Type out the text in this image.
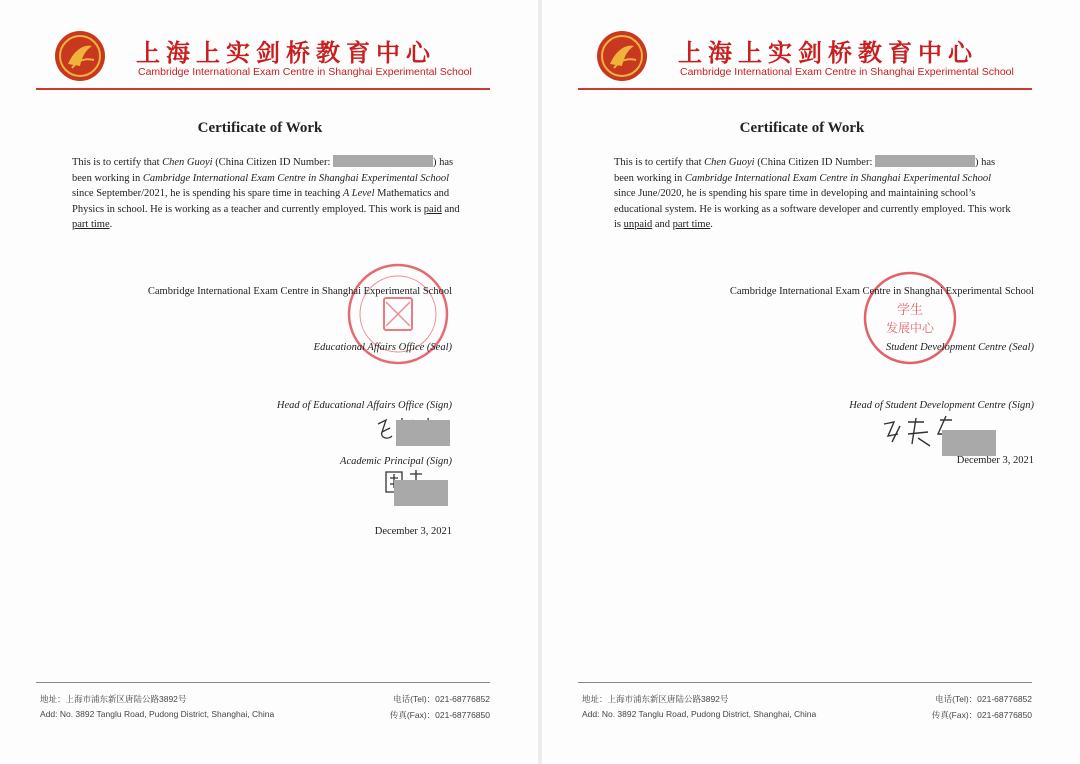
上海上实剑桥教育中心
Cambridge International Exam Centre in Shanghai Experimental School
Certificate of Work
This is to certify that Chen Guoyi (China Citizen ID Number:	) has been working in Cambridge International Exam Centre in Shanghai Experimental School since September/2021, he is spending his spare time in teaching A Level Mathematics and Physics in school. He is working as a teacher and currently employed. This work is paid and part time.
Cambridge International Exam Centre in Shanghai Experimental School
Educational Affairs Office (Seal)
Head of Educational Affairs Office (Sign)
Academic Principal (Sign)
December 3, 2021
地址：上海市浦东新区唐陆公路3892号
Add: No. 3892 Tanglu Road, Pudong District, Shanghai, China
电话(Tel)：021-68776852
传真(Fax)：021-68776850
上海上实剑桥教育中心
Cambridge International Exam Centre in Shanghai Experimental School
Certificate of Work
This is to certify that Chen Guoyi (China Citizen ID Number:	) has been working in Cambridge International Exam Centre in Shanghai Experimental School since June/2020, he is spending his spare time in developing and maintaining school’s educational system. He is working as a software developer and currently employed. This work is unpaid and part time.
学生
发展中心
Cambridge International Exam Centre in Shanghai Experimental School
Student Development Centre (Seal)
Head of Student Development Centre (Sign)
December 3, 2021
地址：上海市浦东新区唐陆公路3892号
Add: No. 3892 Tanglu Road, Pudong District, Shanghai, China
电话(Tel)：021-68776852
传真(Fax)：021-68776850
